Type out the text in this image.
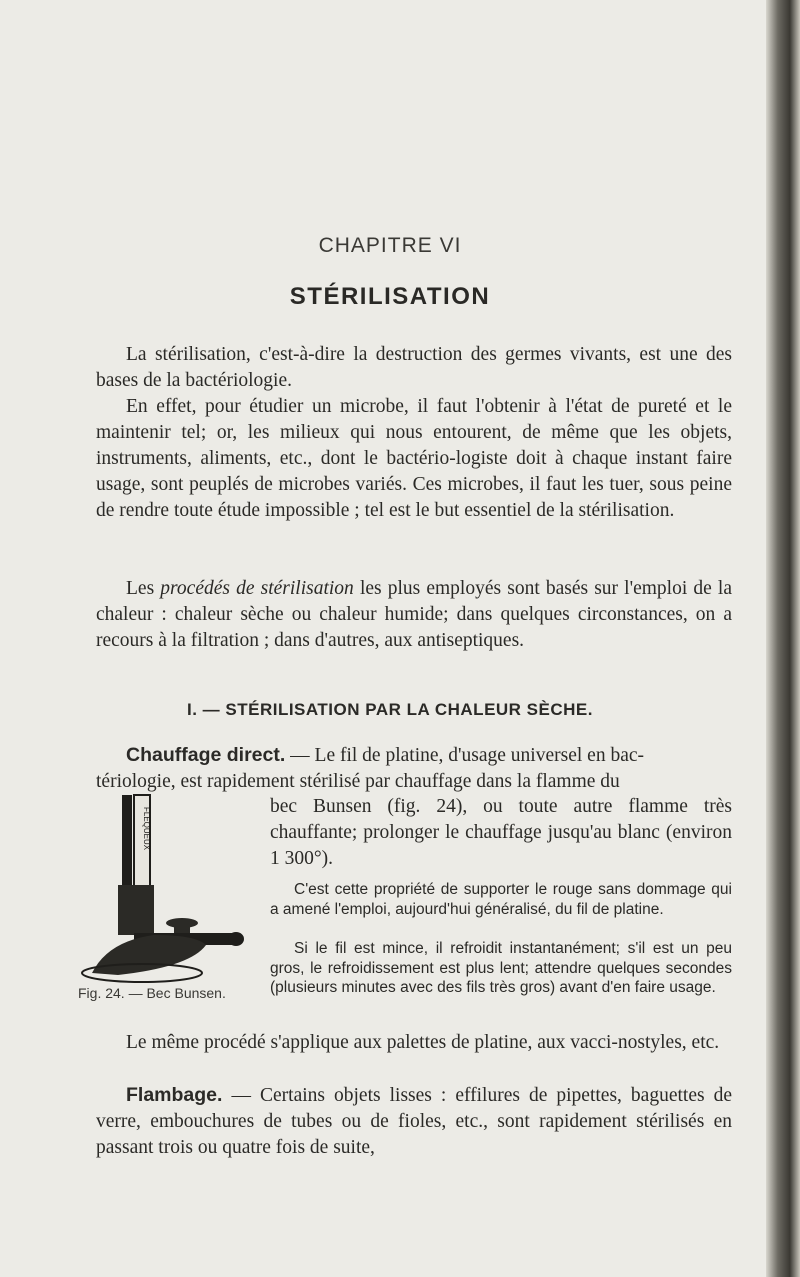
CHAPITRE VI
STÉRILISATION
La stérilisation, c'est-à-dire la destruction des germes vivants, est une des bases de la bactériologie.
En effet, pour étudier un microbe, il faut l'obtenir à l'état de pureté et le maintenir tel; or, les milieux qui nous entourent, de même que les objets, instruments, aliments, etc., dont le bactério-logiste doit à chaque instant faire usage, sont peuplés de microbes variés. Ces microbes, il faut les tuer, sous peine de rendre toute étude impossible ; tel est le but essentiel de la stérilisation.
Les procédés de stérilisation les plus employés sont basés sur l'emploi de la chaleur : chaleur sèche ou chaleur humide; dans quelques circonstances, on a recours à la filtration ; dans d'autres, aux antiseptiques.
I. — STÉRILISATION PAR LA CHALEUR SÈCHE.
Chauffage direct. — Le fil de platine, d'usage universel en bac-
tériologie, est rapidement stérilisé par chauffage dans la flamme du
bec Bunsen (fig. 24), ou toute autre flamme très chauffante; prolonger le chauffage jusqu'au blanc (environ 1 300°).
C'est cette propriété de supporter le rouge sans dommage qui a amené l'emploi, aujourd'hui généralisé, du fil de platine.
Si le fil est mince, il refroidit instantanément; s'il est un peu gros, le refroidissement est plus lent; attendre quelques secondes (plusieurs minutes avec des fils très gros) avant d'en faire usage.
FLEQUEUX
Fig. 24. — Bec Bunsen.
Le même procédé s'applique aux palettes de platine, aux vacci-nostyles, etc.
Flambage. — Certains objets lisses : effilures de pipettes, baguettes de verre, embouchures de tubes ou de fioles, etc., sont rapidement stérilisés en passant trois ou quatre fois de suite,
